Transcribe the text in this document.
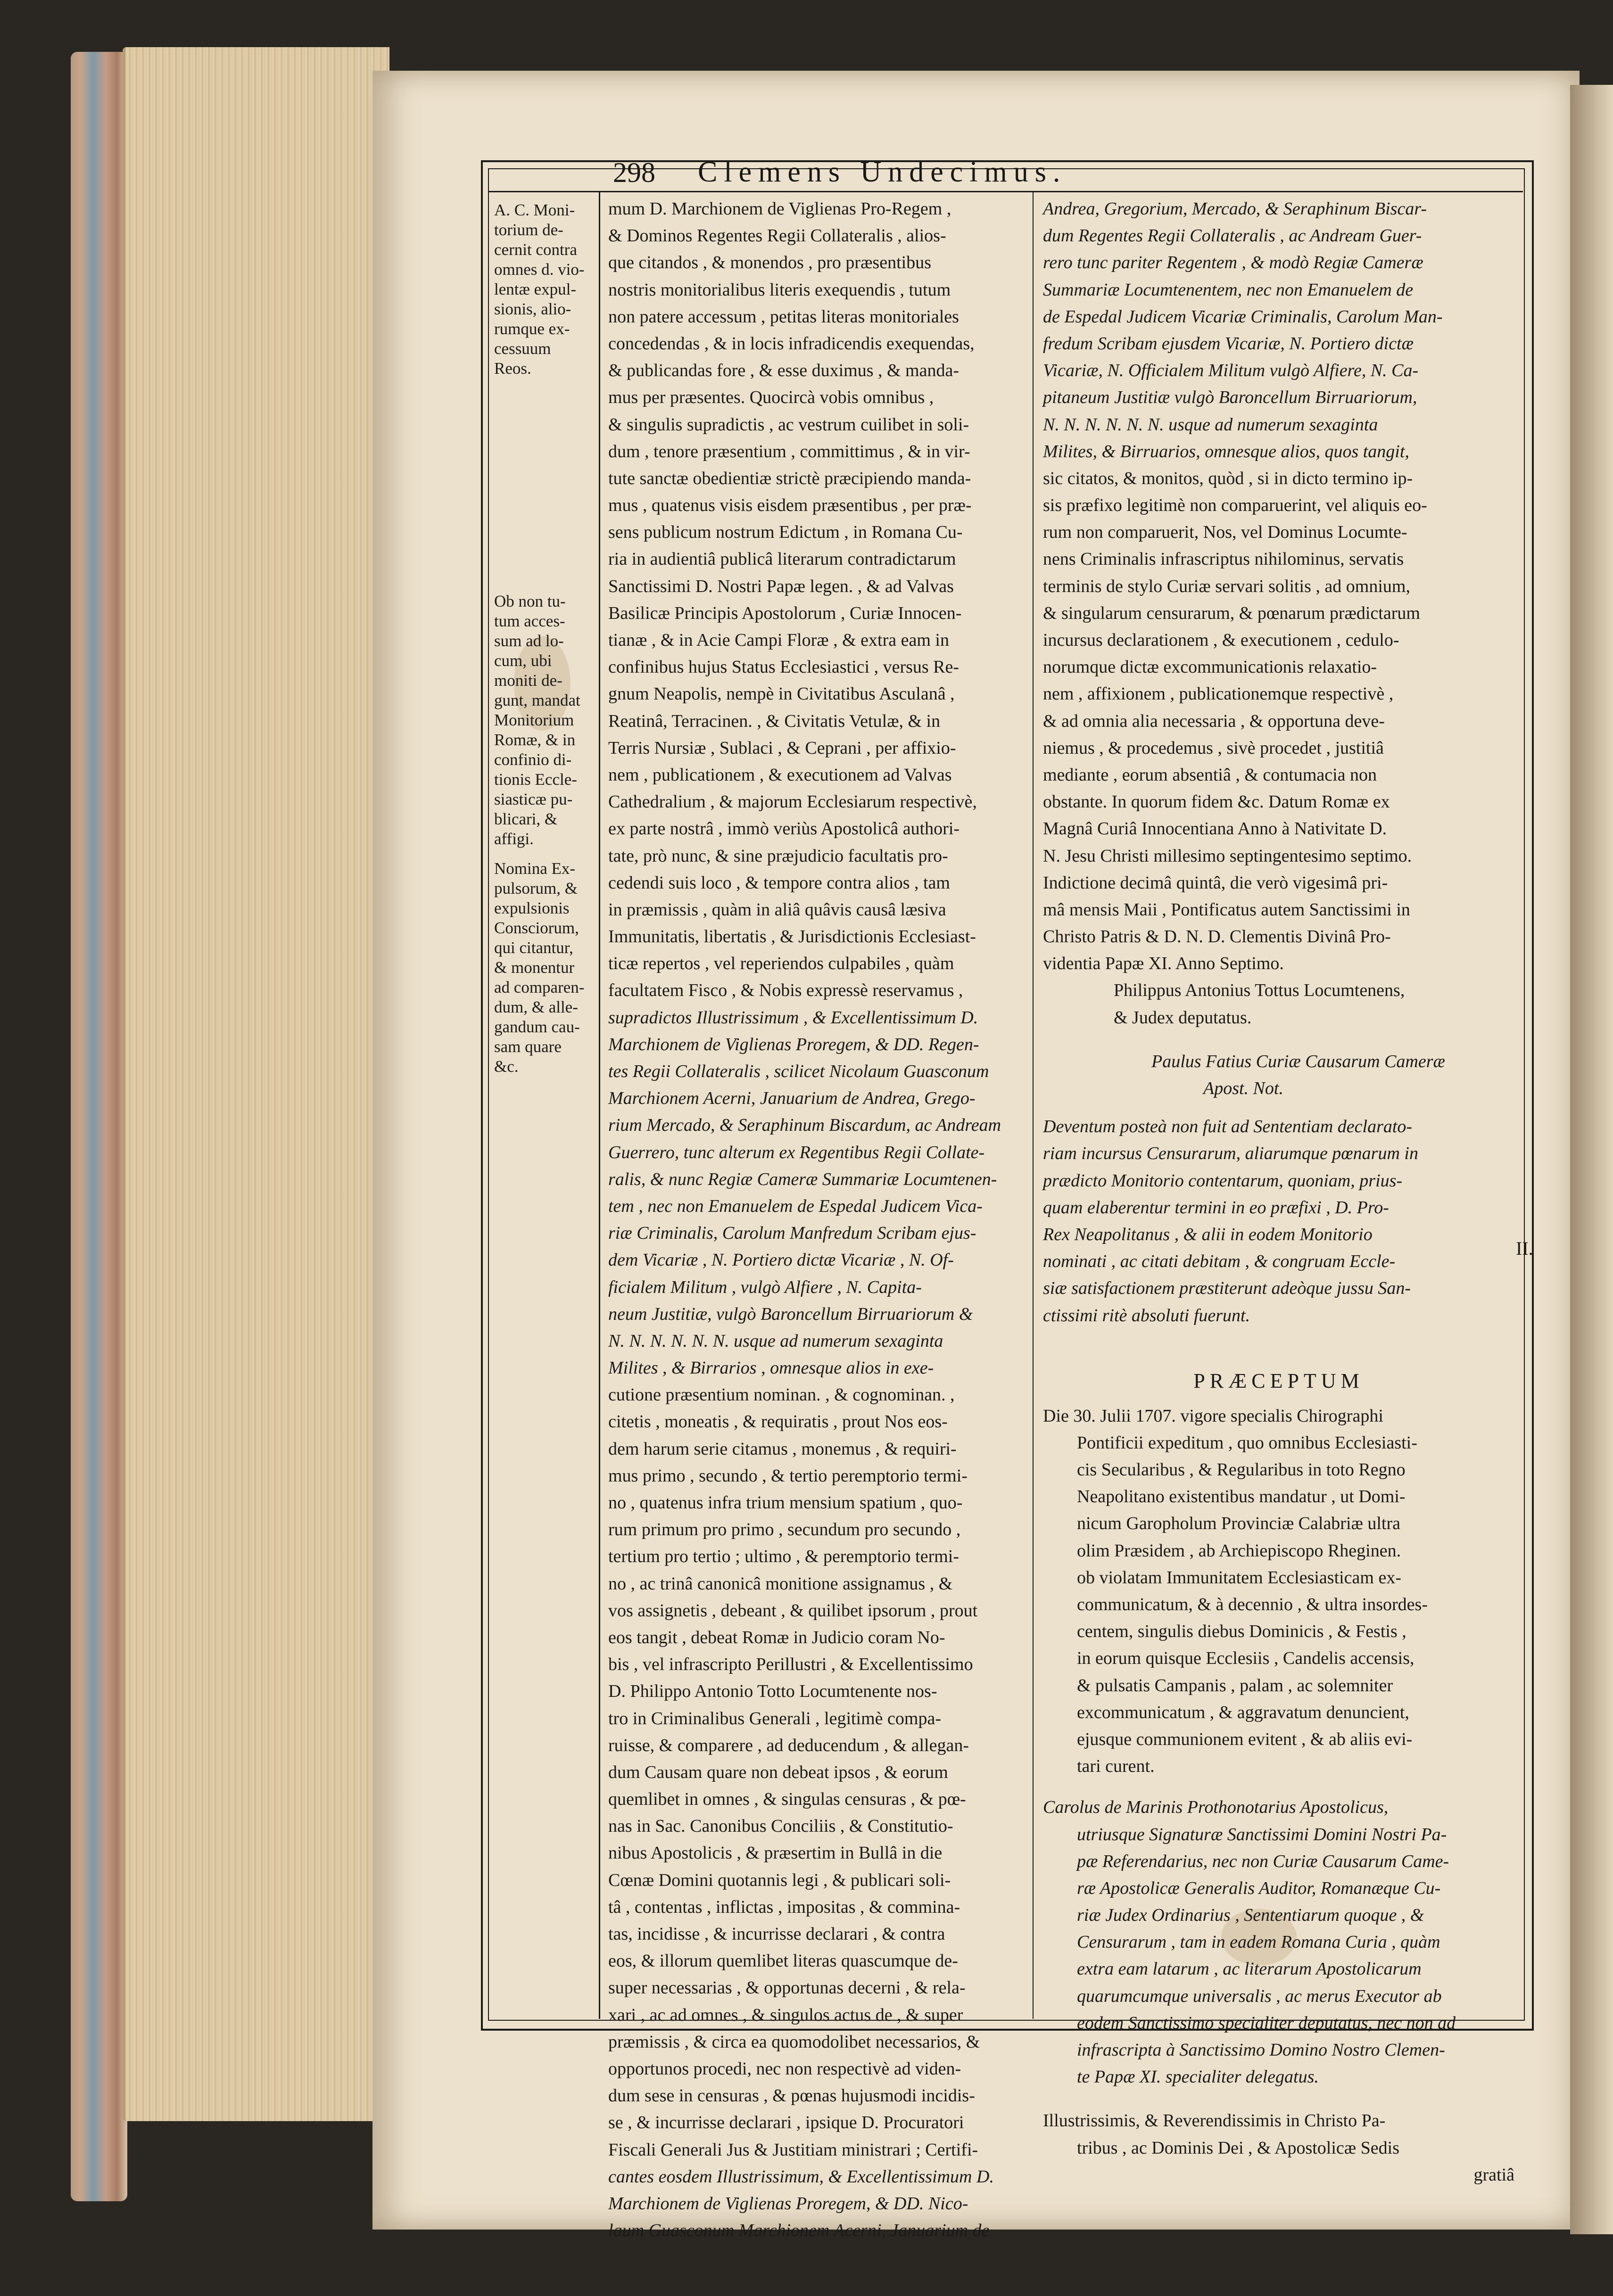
298 Clemens Undecimus.
A. C. Moni-
torium de-
cernit contra
omnes d. vio-
lentæ expul-
sionis, alio-
rumque ex-
cessuum
Reos.
Ob non tu-
tum acces-
sum ad lo-
cum, ubi
moniti de-
gunt, mandat
Monitorium
Romæ, & in
confinio di-
tionis Eccle-
siasticæ pu-
blicari, &
affigi.
Nomina Ex-
pulsorum, &
expulsionis
Consciorum,
qui citantur,
& monentur
ad comparen-
dum, & alle-
gandum cau-
sam quare
&c.
II.
mum D. Marchionem de Viglienas Pro-Regem ,
& Dominos Regentes Regii Collateralis , alios-
que citandos , & monendos , pro præsentibus
nostris monitorialibus literis exequendis , tutum
non patere accessum , petitas literas monitoriales
concedendas , & in locis infradicendis exequendas,
& publicandas fore , & esse duximus , & manda-
mus per præsentes. Quocircà vobis omnibus ,
& singulis supradictis , ac vestrum cuilibet in soli-
dum , tenore præsentium , committimus , & in vir-
tute sanctæ obedientiæ strictè præcipiendo manda-
mus , quatenus visis eisdem præsentibus , per præ-
sens publicum nostrum Edictum , in Romana Cu-
ria in audientiâ publicâ literarum contradictarum
Sanctissimi D. Nostri Papæ legen. , & ad Valvas
Basilicæ Principis Apostolorum , Curiæ Innocen-
tianæ , & in Acie Campi Floræ , & extra eam in
confinibus hujus Status Ecclesiastici , versus Re-
gnum Neapolis, nempè in Civitatibus Asculanâ ,
Reatinâ, Terracinen. , & Civitatis Vetulæ, & in
Terris Nursiæ , Sublaci , & Ceprani , per affixio-
nem , publicationem , & executionem ad Valvas
Cathedralium , & majorum Ecclesiarum respectivè,
ex parte nostrâ , immò veriùs Apostolicâ authori-
tate, prò nunc, & sine præjudicio facultatis pro-
cedendi suis loco , & tempore contra alios , tam
in præmissis , quàm in aliâ quâvis causâ læsiva
Immunitatis, libertatis , & Jurisdictionis Ecclesiast-
ticæ repertos , vel reperiendos culpabiles , quàm
facultatem Fisco , & Nobis expressè reservamus ,
supradictos Illustrissimum , & Excellentissimum D.
Marchionem de Viglienas Proregem, & DD. Regen-
tes Regii Collateralis , scilicet Nicolaum Guasconum
Marchionem Acerni, Januarium de Andrea, Grego-
rium Mercado, & Seraphinum Biscardum, ac Andream
Guerrero, tunc alterum ex Regentibus Regii Collate-
ralis, & nunc Regiæ Cameræ Summariæ Locumtenen-
tem , nec non Emanuelem de Espedal Judicem Vica-
riæ Criminalis, Carolum Manfredum Scribam ejus-
dem Vicariæ , N. Portiero dictæ Vicariæ , N. Of-
ficialem Militum , vulgò Alfiere , N. Capita-
neum Justitiæ, vulgò Baroncellum Birruariorum &
N. N. N. N. N. N. usque ad numerum sexaginta
Milites , & Birrarios , omnesque alios in exe-
cutione præsentium nominan. , & cognominan. ,
citetis , moneatis , & requiratis , prout Nos eos-
dem harum serie citamus , monemus , & requiri-
mus primo , secundo , & tertio peremptorio termi-
no , quatenus infra trium mensium spatium , quo-
rum primum pro primo , secundum pro secundo ,
tertium pro tertio ; ultimo , & peremptorio termi-
no , ac trinâ canonicâ monitione assignamus , &
vos assignetis , debeant , & quilibet ipsorum , prout
eos tangit , debeat Romæ in Judicio coram No-
bis , vel infrascripto Perillustri , & Excellentissimo
D. Philippo Antonio Totto Locumtenente nos-
tro in Criminalibus Generali , legitimè compa-
ruisse, & comparere , ad deducendum , & allegan-
dum Causam quare non debeat ipsos , & eorum
quemlibet in omnes , & singulas censuras , & pœ-
nas in Sac. Canonibus Conciliis , & Constitutio-
nibus Apostolicis , & præsertim in Bullâ in die
Cœnæ Domini quotannis legi , & publicari soli-
tâ , contentas , inflictas , impositas , & commina-
tas, incidisse , & incurrisse declarari , & contra
eos, & illorum quemlibet literas quascumque de-
super necessarias , & opportunas decerni , & rela-
xari , ac ad omnes , & singulos actus de , & super
præmissis , & circa ea quomodolibet necessarios, &
opportunos procedi, nec non respectivè ad viden-
dum sese in censuras , & pœnas hujusmodi incidis-
se , & incurrisse declarari , ipsique D. Procuratori
Fiscali Generali Jus & Justitiam ministrari ; Certifi-
cantes eosdem Illustrissimum, & Excellentissimum D.
Marchionem de Viglienas Proregem, & DD. Nico-
laum Guasconum Marchionem Acerni, Januarium de
Andrea, Gregorium, Mercado, & Seraphinum Biscar-
dum Regentes Regii Collateralis , ac Andream Guer-
rero tunc pariter Regentem , & modò Regiæ Cameræ
Summariæ Locumtenentem, nec non Emanuelem de
de Espedal Judicem Vicariæ Criminalis, Carolum Man-
fredum Scribam ejusdem Vicariæ, N. Portiero dictæ
Vicariæ, N. Officialem Militum vulgò Alfiere, N. Ca-
pitaneum Justitiæ vulgò Baroncellum Birruariorum,
N. N. N. N. N. N. usque ad numerum sexaginta
Milites, & Birruarios, omnesque alios, quos tangit,
sic citatos, & monitos, quòd , si in dicto termino ip-
sis præfixo legitimè non comparuerint, vel aliquis eo-
rum non comparuerit, Nos, vel Dominus Locumte-
nens Criminalis infrascriptus nihilominus, servatis
terminis de stylo Curiæ servari solitis , ad omnium,
& singularum censurarum, & pœnarum prædictarum
incursus declarationem , & executionem , cedulo-
norumque dictæ excommunicationis relaxatio-
nem , affixionem , publicationemque respectivè ,
& ad omnia alia necessaria , & opportuna deve-
niemus , & procedemus , sivè procedet , justitiâ
mediante , eorum absentiâ , & contumacia non
obstante. In quorum fidem &c. Datum Romæ ex
Magnâ Curiâ Innocentiana Anno à Nativitate D.
N. Jesu Christi millesimo septingentesimo septimo.
Indictione decimâ quintâ, die verò vigesimâ pri-
mâ mensis Maii , Pontificatus autem Sanctissimi in
Christo Patris & D. N. D. Clementis Divinâ Pro-
videntia Papæ XI. Anno Septimo.
Philippus Antonius Tottus Locumtenens,
& Judex deputatus.
Paulus Fatius Curiæ Causarum Cameræ
Apost. Not.
Deventum posteà non fuit ad Sententiam declarato-
riam incursus Censurarum, aliarumque pœnarum in
prædicto Monitorio contentarum, quoniam, prius-
quam elaberentur termini in eo præfixi , D. Pro-
Rex Neapolitanus , & alii in eodem Monitorio
nominati , ac citati debitam , & congruam Eccle-
siæ satisfactionem præstiterunt adeòque jussu San-
ctissimi ritè absoluti fuerunt.
PRÆCEPTUM
Die 30. Julii 1707. vigore specialis Chirographi
Pontificii expeditum , quo omnibus Ecclesiasti-
cis Secularibus , & Regularibus in toto Regno
Neapolitano existentibus mandatur , ut Domi-
nicum Garopholum Provinciæ Calabriæ ultra
olim Præsidem , ab Archiepiscopo Rheginen.
ob violatam Immunitatem Ecclesiasticam ex-
communicatum, & à decennio , & ultra insordes-
centem, singulis diebus Dominicis , & Festis ,
in eorum quisque Ecclesiis , Candelis accensis,
& pulsatis Campanis , palam , ac solemniter
excommunicatum , & aggravatum denuncient,
ejusque communionem evitent , & ab aliis evi-
tari curent.
Carolus de Marinis Prothonotarius Apostolicus,
utriusque Signaturæ Sanctissimi Domini Nostri Pa-
pæ Referendarius, nec non Curiæ Causarum Came-
ræ Apostolicæ Generalis Auditor, Romanæque Cu-
riæ Judex Ordinarius , Sententiarum quoque , &
Censurarum , tam in eadem Romana Curia , quàm
extra eam latarum , ac literarum Apostolicarum
quarumcumque universalis , ac merus Executor ab
eodem Sanctissimo specialiter deputatus, nec non ad
infrascripta à Sanctissimo Domino Nostro Clemen-
te Papæ XI. specialiter delegatus.
Illustrissimis, & Reverendissimis in Christo Pa-
tribus , ac Dominis Dei , & Apostolicæ Sedis
gratiâ
